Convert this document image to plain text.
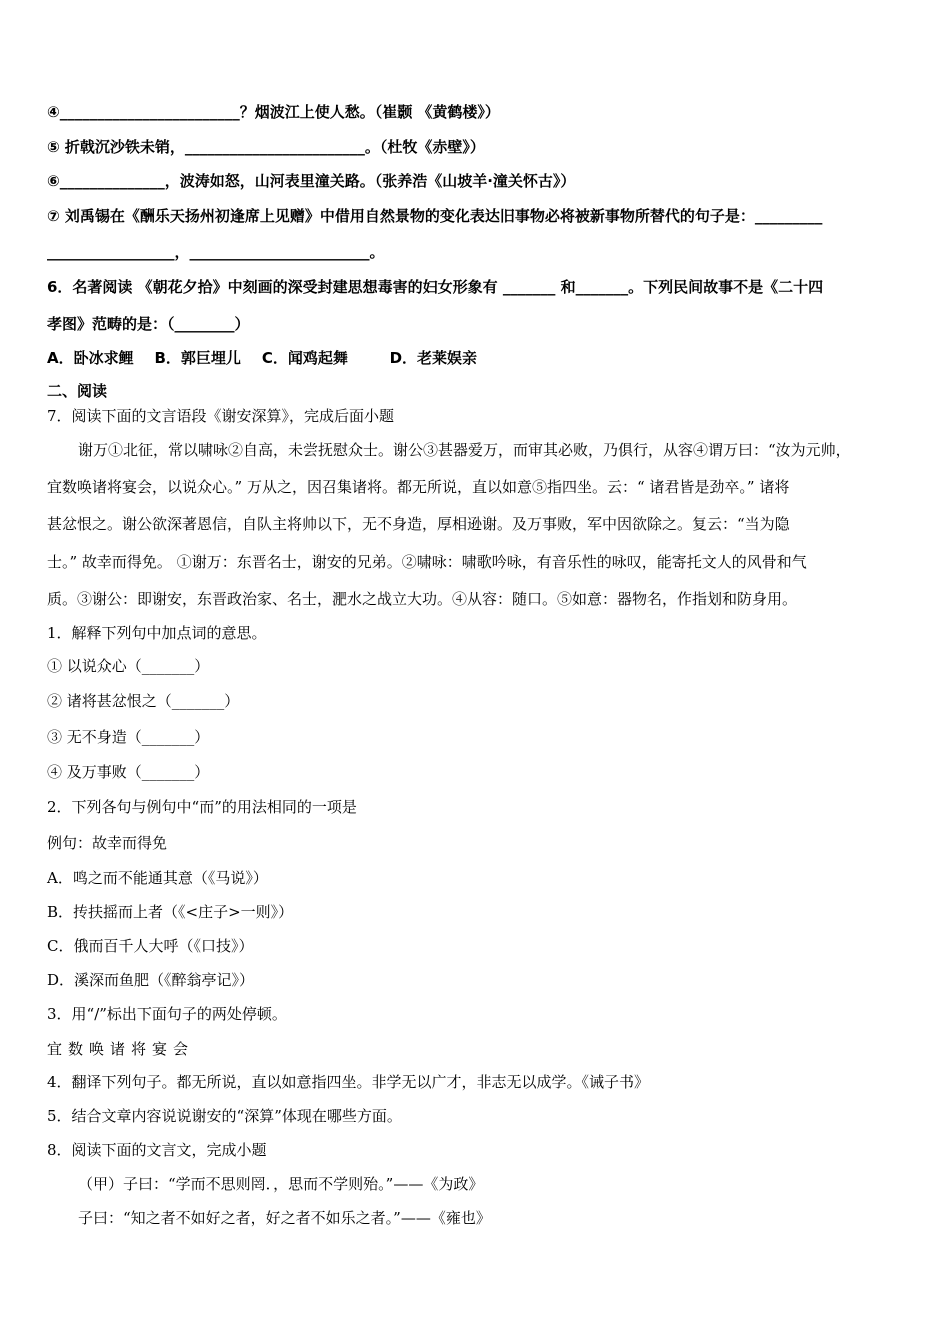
④________________________？烟波江上使人愁。（崔颢 《黄鹤楼》）
⑤ 折戟沉沙铁未销，________________________。（杜牧《赤壁》）
⑥______________，波涛如怒，山河表里潼关路。（张养浩《山坡羊·潼关怀古》）
⑦ 刘禹锡在《酬乐天扬州初逢席上见赠》中借用自然景物的变化表达旧事物必将被新事物所替代的句子是：_________
_________________，________________________。
6．名著阅读 《朝花夕拾》中刻画的深受封建思想毒害的妇女形象有 _______ 和_______。下列民间故事不是《二十四
孝图》范畴的是：（________）
A．卧冰求鲤    B．郭巨埋儿    C．闻鸡起舞        D．老莱娱亲
二、阅读
7．阅读下面的文言语段《谢安深算》，完成后面小题
谢万①北征，常以啸咏②自高，未尝抚慰众士。谢公③甚器爱万，而审其必败，乃俱行，从容④谓万曰：“汝为元帅，
宜数唤诸将宴会，以说众心。” 万从之，因召集诸将。都无所说，直以如意⑤指四坐。云：“ 诸君皆是劲卒。” 诸将
甚忿恨之。谢公欲深著恩信，自队主将帅以下，无不身造，厚相逊谢。及万事败，军中因欲除之。复云：“当为隐
士。” 故幸而得免。 ①谢万：东晋名士，谢安的兄弟。②啸咏：啸歌吟咏，有音乐性的咏叹，能寄托文人的风骨和气
质。③谢公：即谢安，东晋政治家、名士，淝水之战立大功。④从容：随口。⑤如意：器物名，作指划和防身用。
1．解释下列句中加点词的意思。
① 以说众心（_______）
② 诸将甚忿恨之（_______）
③ 无不身造（_______）
④ 及万事败（_______）
2．下列各句与例句中“而”的用法相同的一项是
例句：故幸而得免
A．鸣之而不能通其意（《马说》）
B．抟扶摇而上者（《<庄子>一则》）
C．俄而百千人大呼（《口技》）
D．溪深而鱼肥（《醉翁亭记》）
3．用“/”标出下面句子的两处停顿。
宜数唤诸将宴会
4．翻译下列句子。都无所说，直以如意指四坐。非学无以广才，非志无以成学。《诫子书》
5．结合文章内容说说谢安的“深算”体现在哪些方面。
8．阅读下面的文言文，完成小题
（甲）子曰：“学而不思则罔．，思而不学则殆。”——《为政》
子曰：“知之者不如好之者，好之者不如乐之者。”——《雍也》
